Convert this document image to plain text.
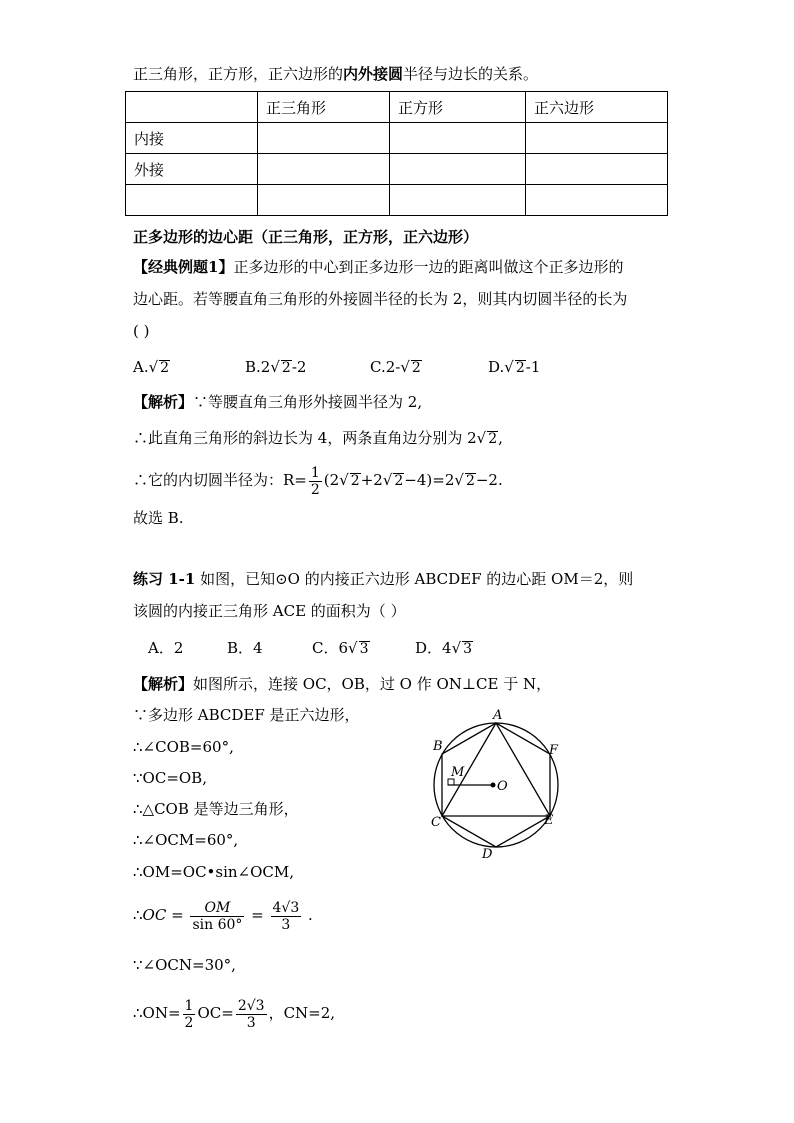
正三角形，正方形，正六边形的内外接圆半径与边长的关系。
	正三角形	正方形	正六边形
内接			
外接			

正多边形的边心距（正三角形，正方形，正六边形）
【经典例题1】正多边形的中心到正多边形一边的距离叫做这个正多边形的
边心距。若等腰直角三角形的外接圆半径的长为 2，则其内切圆半径的长为
( )
A.√ 2	B.2√ 2-2	C.2-√ 2	D.√ 2-1
【解析】∵等腰直角三角形外接圆半径为 2,
∴此直角三角形的斜边长为 4，两条直角边分别为 2√ 2,
∴它的内切圆半径为：$R= \frac{1}{2} (2√$ 2+2√ 2−4)=2√ 2−2.
故选 B.
练习 1-1 如图，已知⊙O 的内接正六边形 ABCDEF 的边心距 OM＝2，则
该圆的内接正三角形 ACE 的面积为（ ）
A．2	B．4	C．6√ 3	D．4√ 3
【解析】如图所示，连接 OC，OB，过 O 作 ON⊥CE 于 N，
∵多边形 ABCDEF 是正六边形，
∴∠COB=60°,
∵OC=OB,
∴△COB 是等边三角形，
∴∠OCM=60°,
∴OM=OC•sin∠OCM,
∴OC = $\frac{OM}{\sin 60^\circ} = \frac{4√3}{3}$ .
∵∠OCN=30°,
∴ON= $\frac{1}{2} OC= \frac{2√3}{3}$ ，CN=2,
A
B
C
D
E
F
M
O
